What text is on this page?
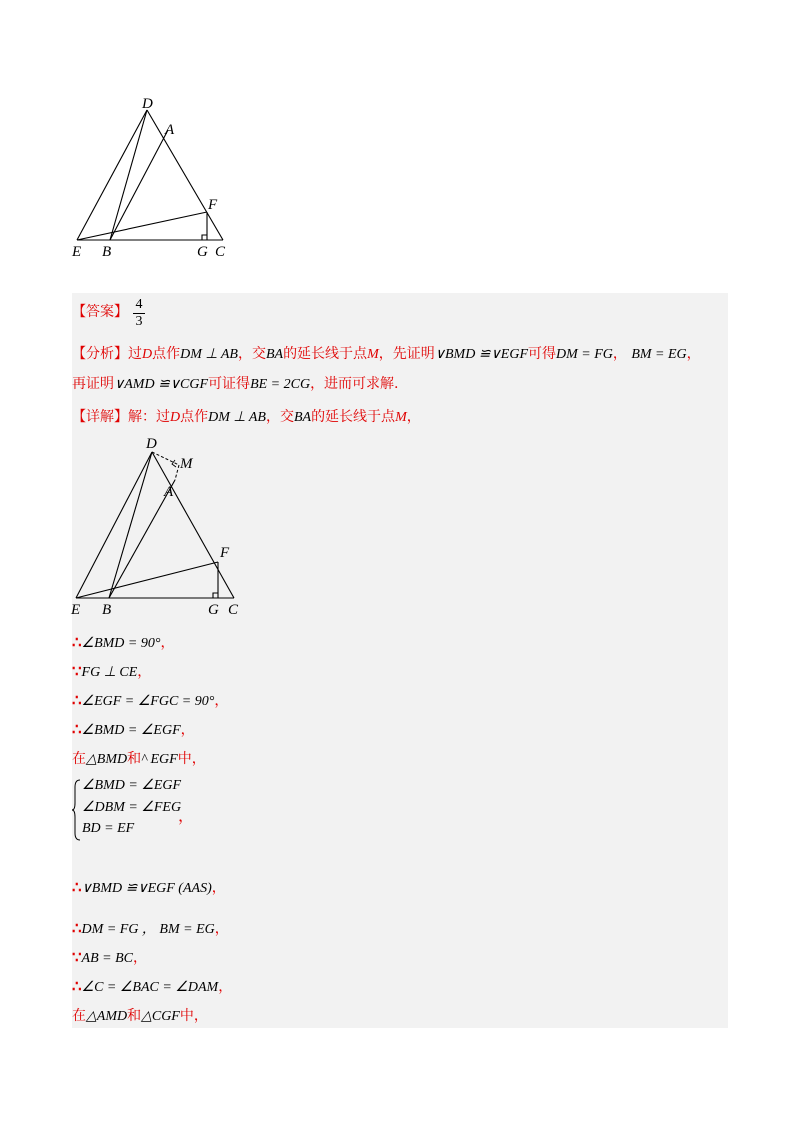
D
A
F
E B	G C
【答案】 4
3
【分析】过D点作DM ⊥ AB，交BA的延长线于点M，先证明∨BMD ≌∨EGF可得DM = FG， BM = EG，
再证明∨AMD ≌∨CGF可证得BE = 2CG，进而可求解.
【详解】解：过D点作DM ⊥ AB，交BA的延长线于点M，
D
M
A
F
E B	G C
∴∠BMD = 90°，
∵FG ⊥ CE，
∴∠EGF = ∠FGC = 90°，
∴∠BMD = ∠EGF，
在△BMD和^ EGF中，
∠BMD = ∠EGF
∠DBM = ∠FEG
BD = EF
，
∴∨BMD ≌∨EGF (AAS)，
∴DM = FG ， BM = EG，
∵AB = BC，
∴∠C = ∠BAC = ∠DAM，
在△AMD和△CGF中，
